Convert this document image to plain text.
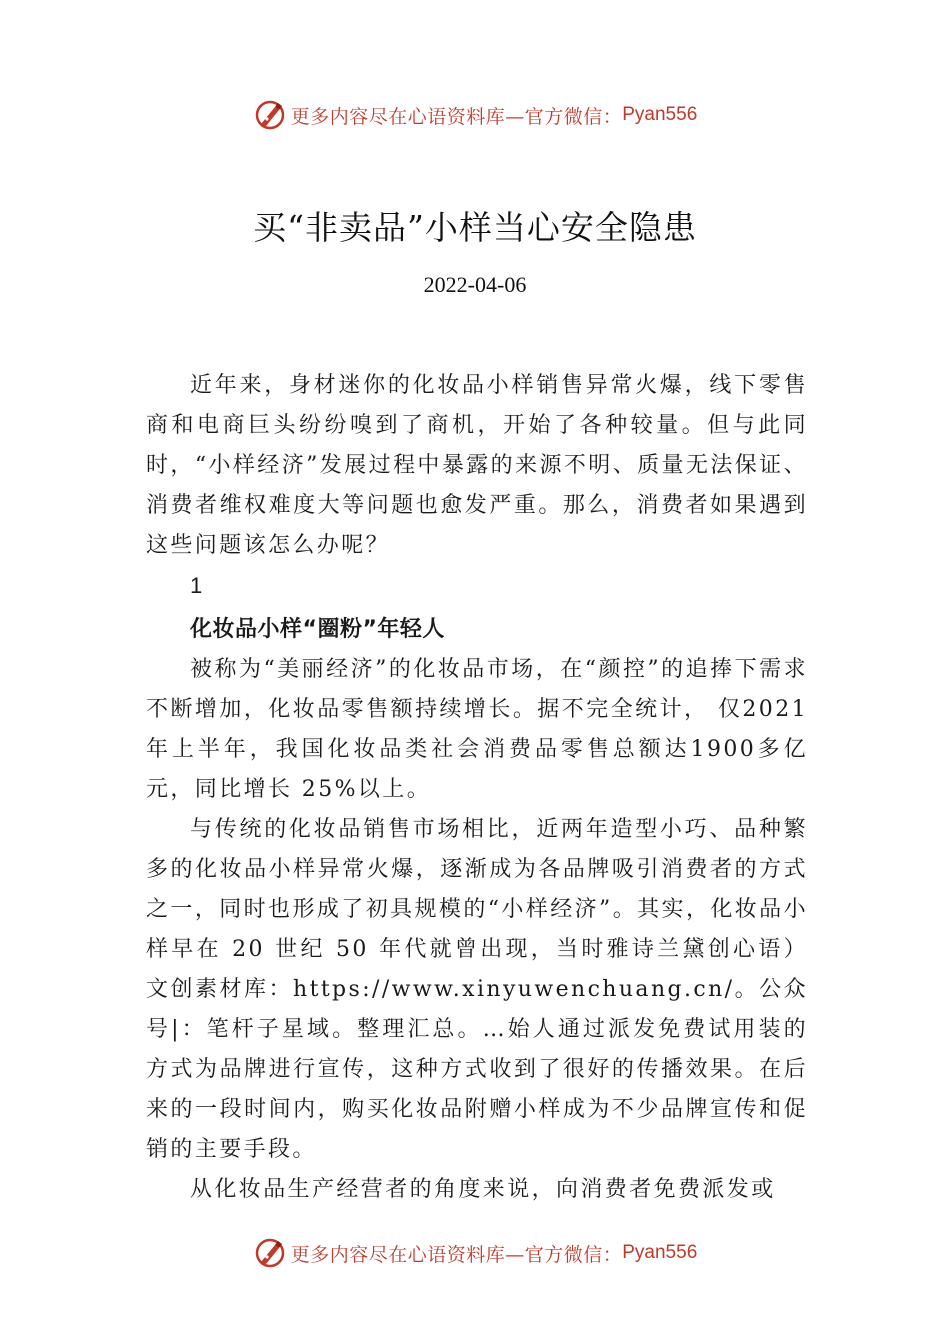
更多内容尽在心语资料库—官方微信： Pyan556
买“非卖品”小样当心安全隐患
2022-04-06

近年来，身材迷你的化妆品小样销售异常火爆，线下零售商和电商巨头纷纷嗅到了商机，开始了各种较量。但与此同时，“小样经济”发展过程中暴露的来源不明、质量无法保证、消费者维权难度大等问题也愈发严重。那么，消费者如果遇到这些问题该怎么办呢？

1

化妆品小样“圈粉”年轻人

被称为“美丽经济”的化妆品市场，在“颜控”的追捧下需求不断增加，化妆品零售额持续增长。据不完全统计， 仅2021年上半年，我国化妆品类社会消费品零售总额达1900多亿元，同比增长 25%以上。

与传统的化妆品销售市场相比，近两年造型小巧、品种繁多的化妆品小样异常火爆，逐渐成为各品牌吸引消费者的方式之一，同时也形成了初具规模的“小样经济”。其实，化妆品小样早在 20 世纪 50 年代就曾出现，当时雅诗兰黛创心语）文创素材库：https://www.xinyuwenchuang.cn/。公众号|：笔杆子星域。整理汇总。…始人通过派发免费试用装的方式为品牌进行宣传，这种方式收到了很好的传播效果。在后来的一段时间内，购买化妆品附赠小样成为不少品牌宣传和促销的主要手段。

从化妆品生产经营者的角度来说，向消费者免费派发或

更多内容尽在心语资料库—官方微信： Pyan556
